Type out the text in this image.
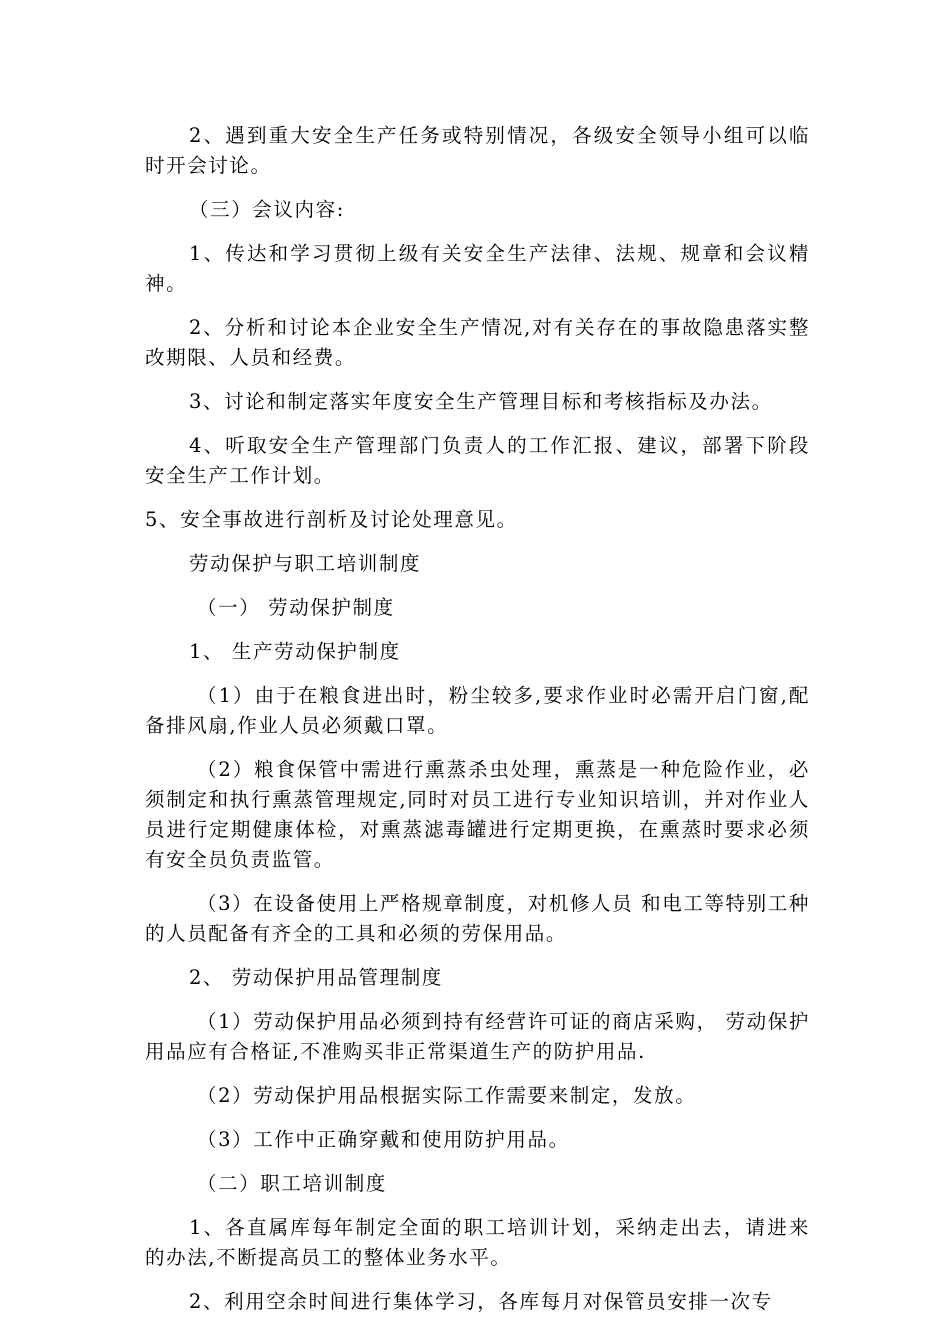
2、遇到重大安全生产任务或特别情况，各级安全领导小组可以临时开会讨论。

（三）会议内容:

1、传达和学习贯彻上级有关安全生产法律、法规、规章和会议精神。

2、分析和讨论本企业安全生产情况,对有关存在的事故隐患落实整改期限、人员和经费。

3、讨论和制定落实年度安全生产管理目标和考核指标及办法。

4、听取安全生产管理部门负责人的工作汇报、建议，部署下阶段安全生产工作计划。

5、安全事故进行剖析及讨论处理意见。

劳动保护与职工培训制度

（一） 劳动保护制度

1、 生产劳动保护制度

（1）由于在粮食进出时，粉尘较多,要求作业时必需开启门窗,配备排风扇,作业人员必须戴口罩。

（2）粮食保管中需进行熏蒸杀虫处理，熏蒸是一种危险作业，必须制定和执行熏蒸管理规定,同时对员工进行专业知识培训，并对作业人员进行定期健康体检，对熏蒸滤毒罐进行定期更换，在熏蒸时要求必须有安全员负责监管。

（3）在设备使用上严格规章制度，对机修人员 和电工等特别工种的人员配备有齐全的工具和必须的劳保用品。

2、 劳动保护用品管理制度

（1）劳动保护用品必须到持有经营许可证的商店采购， 劳动保护用品应有合格证,不准购买非正常渠道生产的防护用品.

（2）劳动保护用品根据实际工作需要来制定，发放。

（3）工作中正确穿戴和使用防护用品。

（二）职工培训制度

1、各直属库每年制定全面的职工培训计划，采纳走出去，请进来的办法,不断提高员工的整体业务水平。

2、利用空余时间进行集体学习，各库每月对保管员安排一次专
